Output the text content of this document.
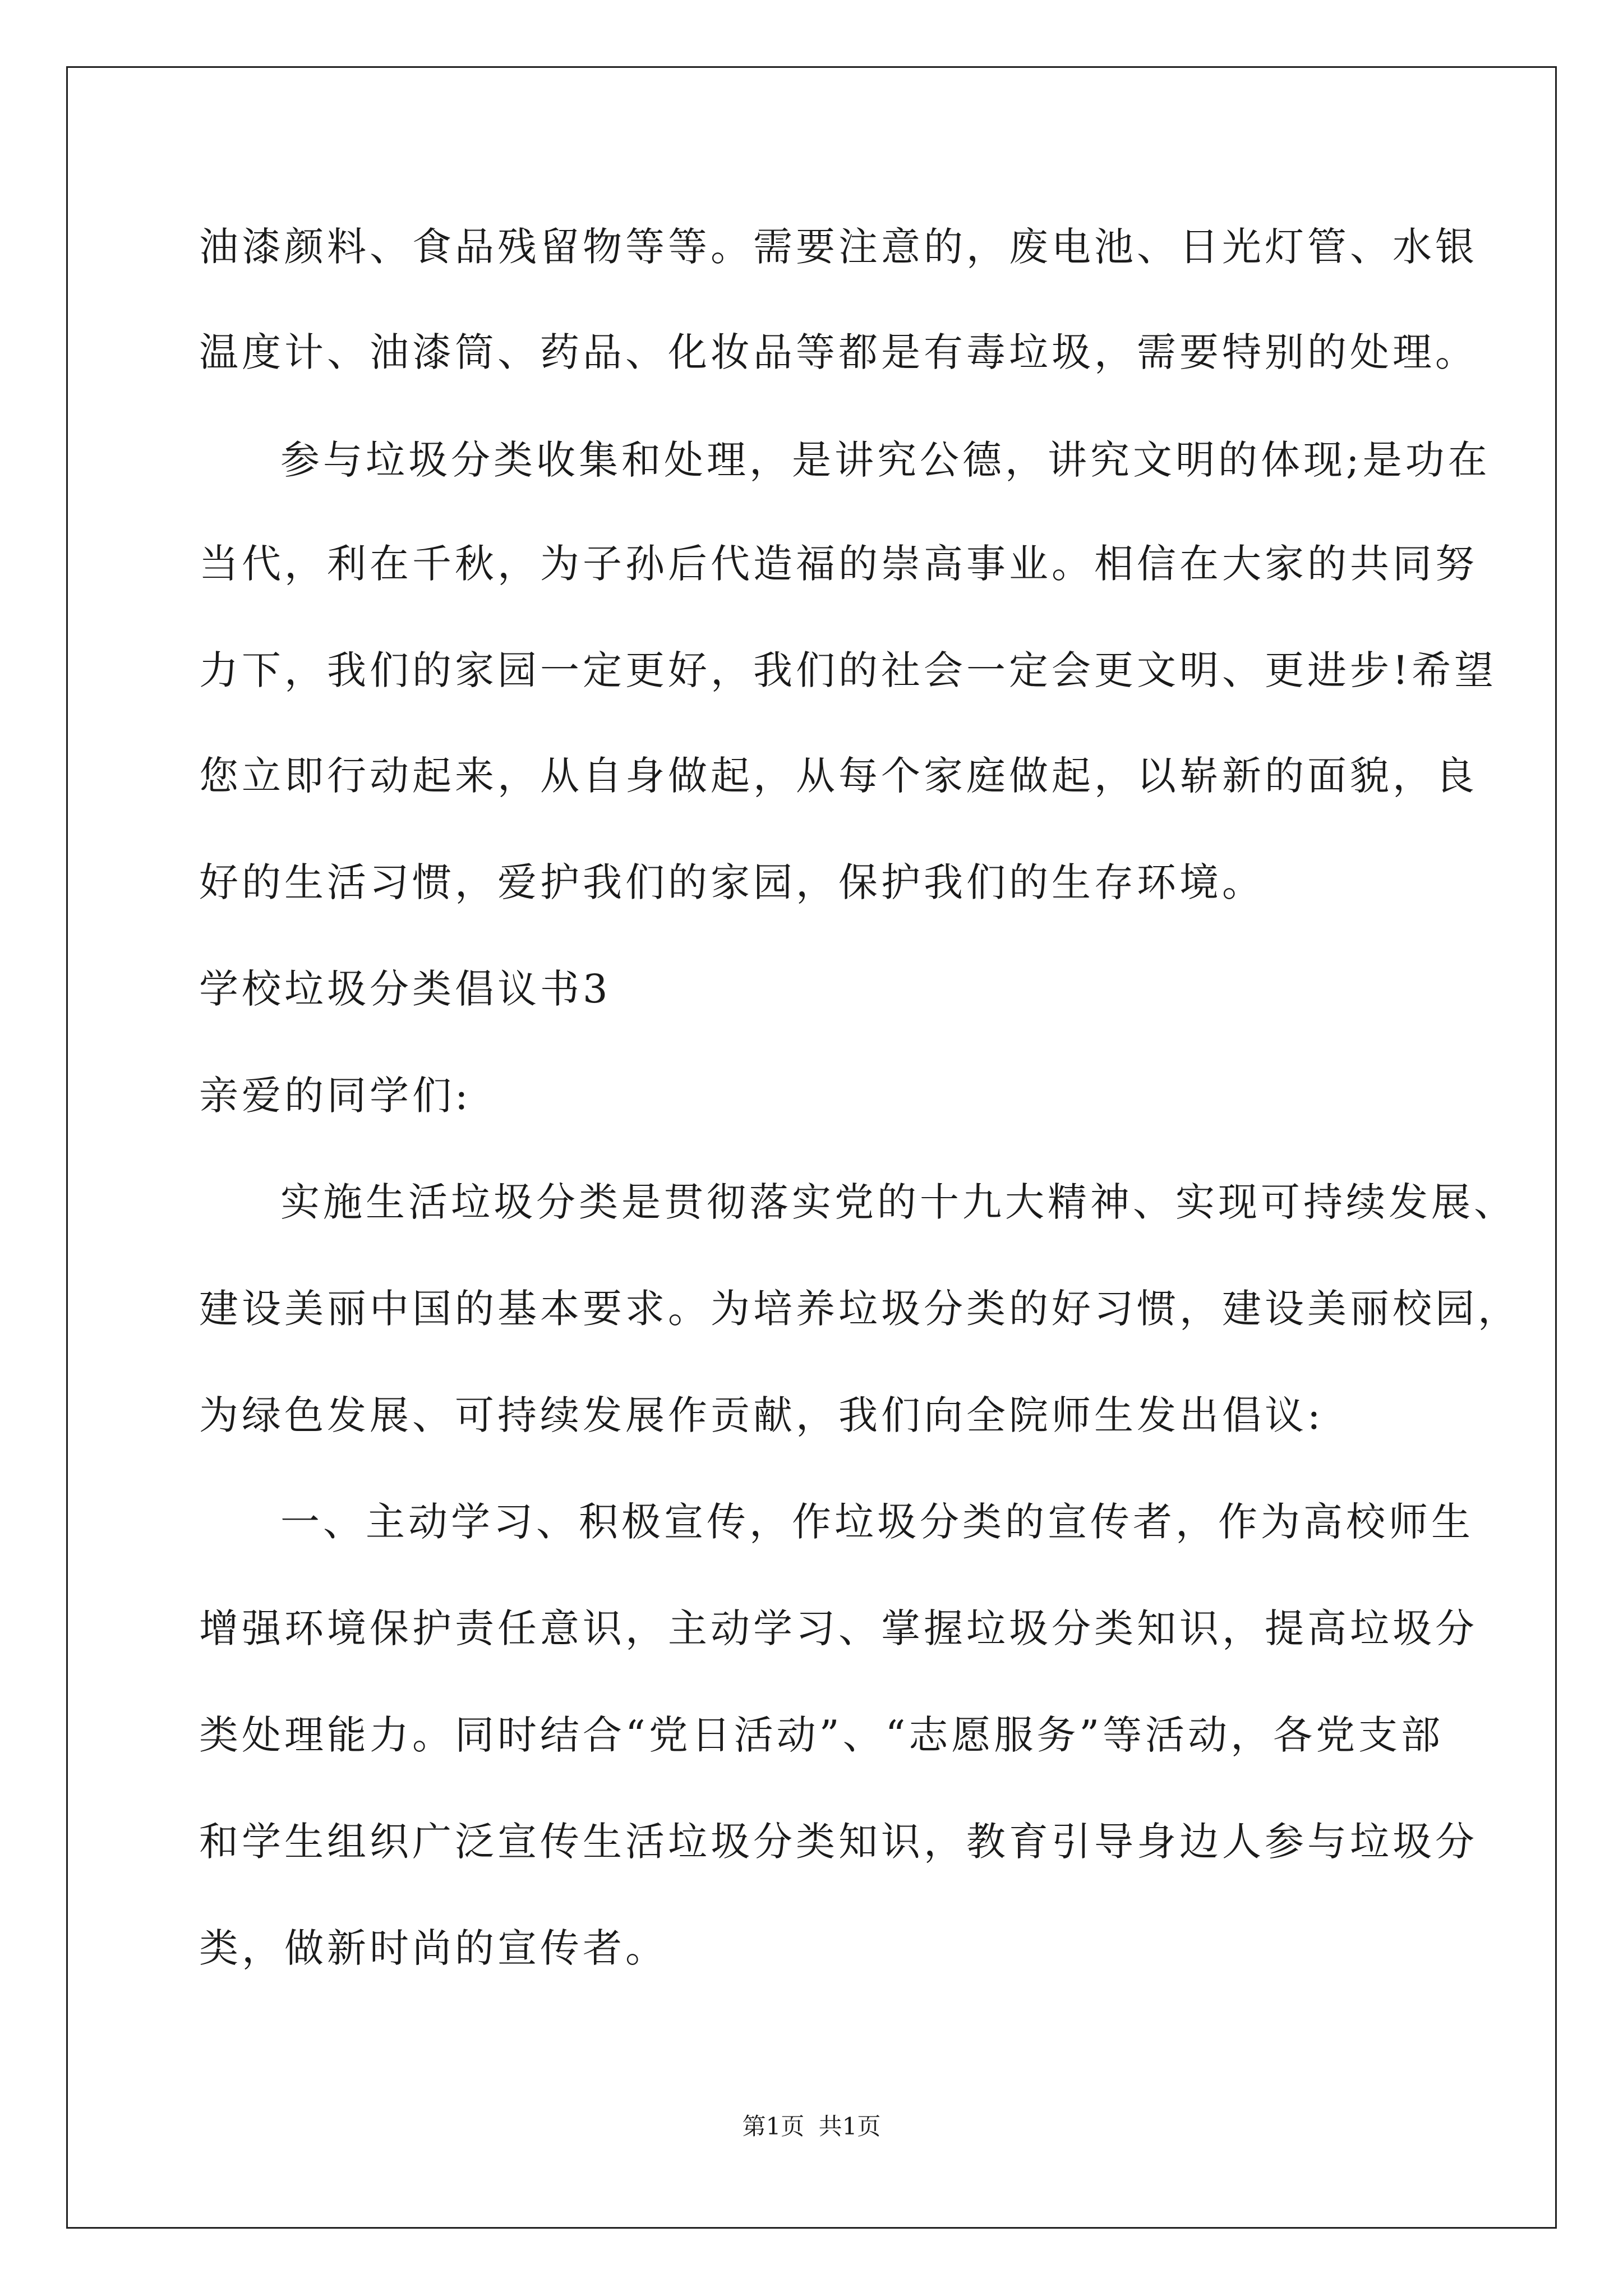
油漆颜料、食品残留物等等。需要注意的，废电池、日光灯管、水银
温度计、油漆筒、药品、化妆品等都是有毒垃圾，需要特别的处理。
参与垃圾分类收集和处理，是讲究公德，讲究文明的体现;是功在
当代，利在千秋，为子孙后代造福的崇高事业。相信在大家的共同努
力下，我们的家园一定更好，我们的社会一定会更文明、更进步!希望
您立即行动起来，从自身做起，从每个家庭做起，以崭新的面貌，良
好的生活习惯，爱护我们的家园，保护我们的生存环境。
学校垃圾分类倡议书3
亲爱的同学们:
实施生活垃圾分类是贯彻落实党的十九大精神、实现可持续发展、
建设美丽中国的基本要求。为培养垃圾分类的好习惯，建设美丽校园，
为绿色发展、可持续发展作贡献，我们向全院师生发出倡议:
一、主动学习、积极宣传，作垃圾分类的宣传者，作为高校师生
增强环境保护责任意识，主动学习、掌握垃圾分类知识，提高垃圾分
类处理能力。同时结合“党日活动”、“志愿服务”等活动，各党支部
和学生组织广泛宣传生活垃圾分类知识，教育引导身边人参与垃圾分
类，做新时尚的宣传者。
第1页 共1页
